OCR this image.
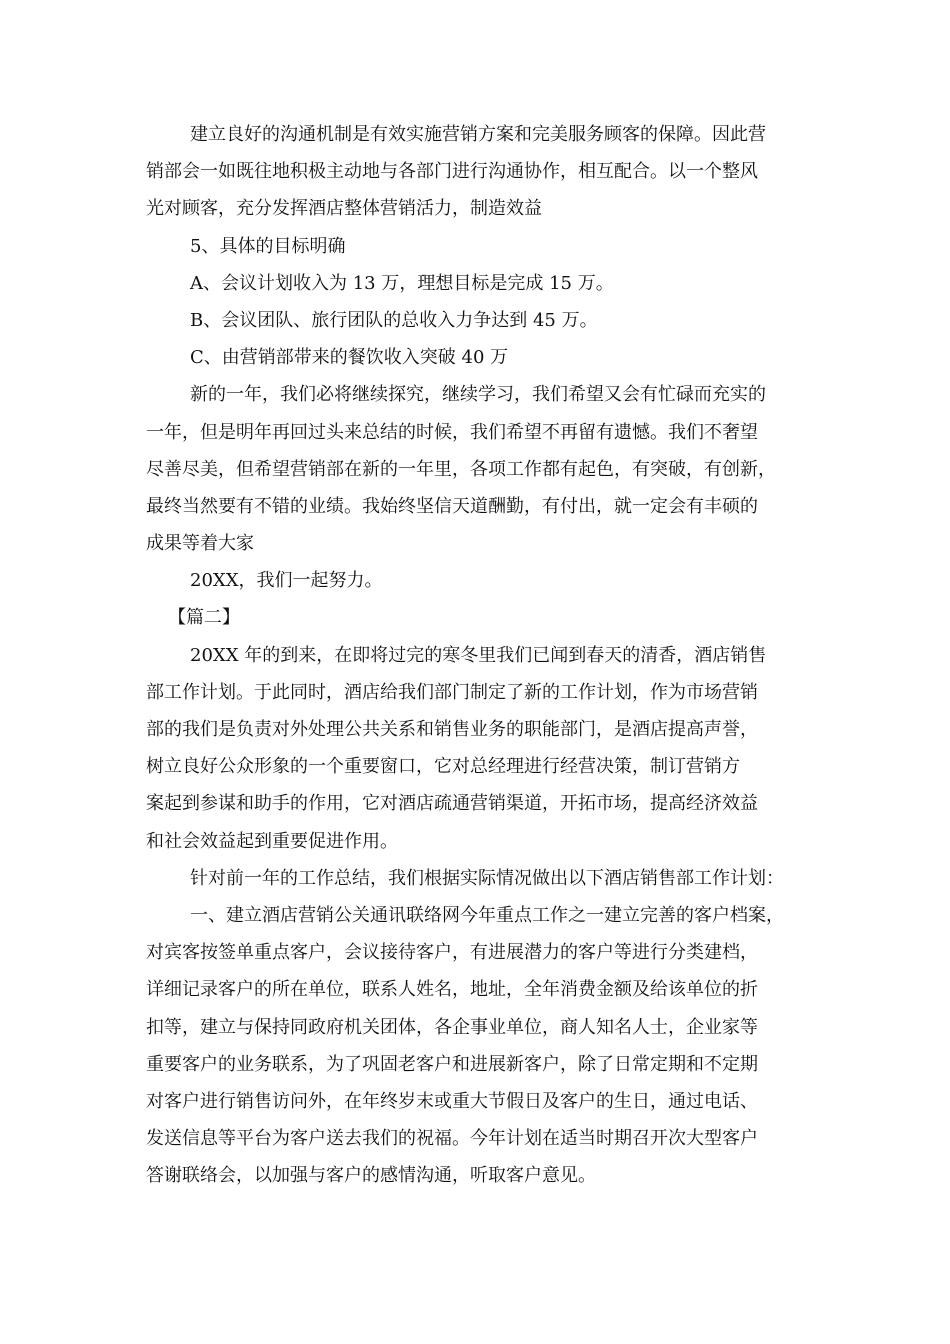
建立良好的沟通机制是有效实施营销方案和完美服务顾客的保障。因此营
销部会一如既往地积极主动地与各部门进行沟通协作，相互配合。以一个整风
光对顾客，充分发挥酒店整体营销活力，制造效益
5、具体的目标明确
A、会议计划收入为 13 万，理想目标是完成 15 万。
B、会议团队、旅行团队的总收入力争达到 45 万。
C、由营销部带来的餐饮收入突破 40 万
新的一年，我们必将继续探究，继续学习，我们希望又会有忙碌而充实的
一年，但是明年再回过头来总结的时候，我们希望不再留有遗憾。我们不奢望
尽善尽美，但希望营销部在新的一年里，各项工作都有起色，有突破，有创新，
最终当然要有不错的业绩。我始终坚信天道酬勤，有付出，就一定会有丰硕的
成果等着大家
20XX，我们一起努力。
【篇二】
20XX 年的到来，在即将过完的寒冬里我们已闻到春天的清香，酒店销售
部工作计划。于此同时，酒店给我们部门制定了新的工作计划，作为市场营销
部的我们是负责对外处理公共关系和销售业务的职能部门，是酒店提高声誉，
树立良好公众形象的一个重要窗口，它对总经理进行经营决策，制订营销方
案起到参谋和助手的作用，它对酒店疏通营销渠道，开拓市场，提高经济效益
和社会效益起到重要促进作用。
针对前一年的工作总结，我们根据实际情况做出以下酒店销售部工作计划：
一、建立酒店营销公关通讯联络网今年重点工作之一建立完善的客户档案，
对宾客按签单重点客户，会议接待客户，有进展潜力的客户等进行分类建档，
详细记录客户的所在单位，联系人姓名，地址，全年消费金额及给该单位的折
扣等，建立与保持同政府机关团体，各企事业单位，商人知名人士，企业家等
重要客户的业务联系，为了巩固老客户和进展新客户，除了日常定期和不定期
对客户进行销售访问外，在年终岁末或重大节假日及客户的生日，通过电话、
发送信息等平台为客户送去我们的祝福。今年计划在适当时期召开次大型客户
答谢联络会，以加强与客户的感情沟通，听取客户意见。
